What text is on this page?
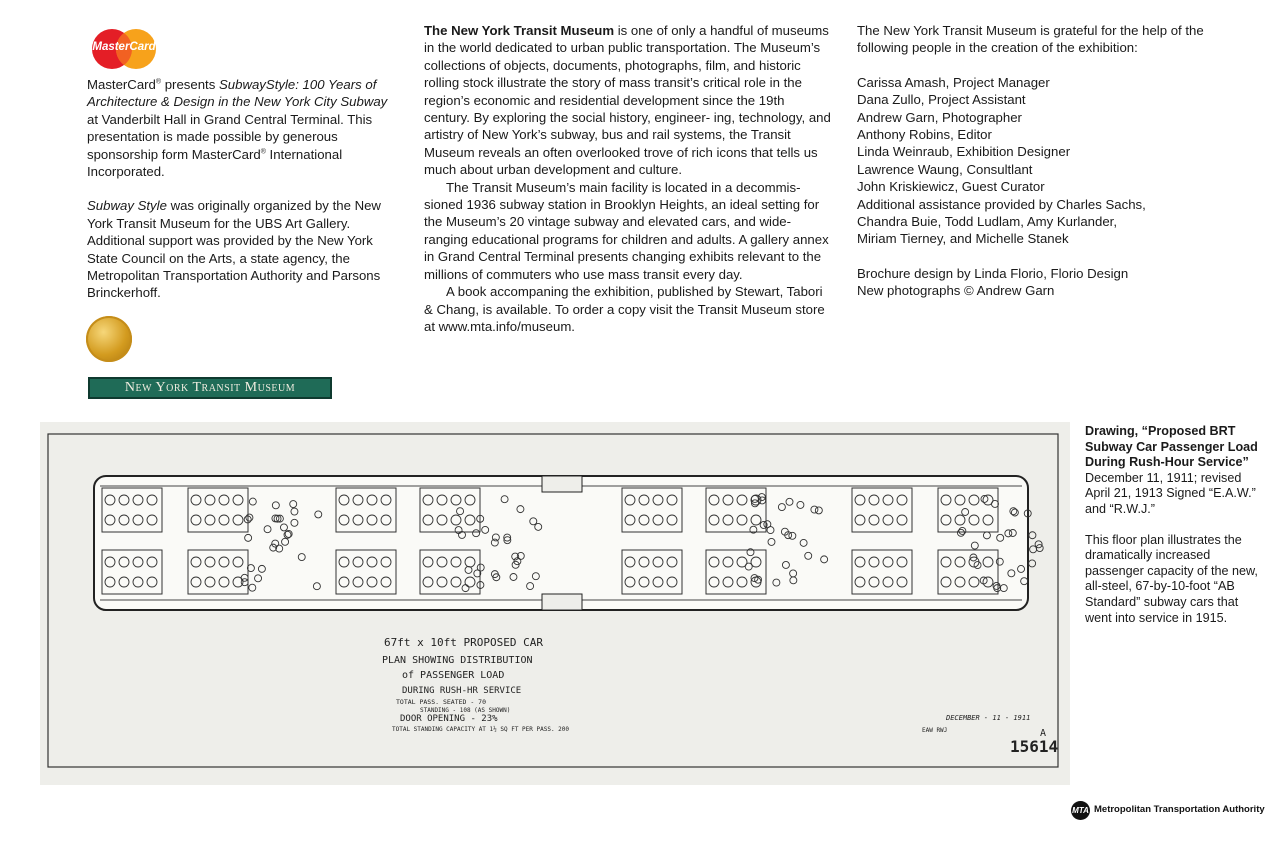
MasterCard

MasterCard® presents SubwayStyle: 100 Years of Architecture & Design in the New York City Subway at Vanderbilt Hall in Grand Central Terminal. This presentation is made possible by generous sponsorship form MasterCard® International Incorporated.

Subway Style was originally organized by the New York Transit Museum for the UBS Art Gallery. Additional support was provided by the New York State Council on the Arts, a state agency, the Metropolitan Transportation Authority and Parsons Brinckerhoff.

New York Transit Museum

The New York Transit Museum is one of only a handful of museums in the world dedicated to urban public transportation. The Museum’s collections of objects, documents, photographs, film, and historic rolling stock illustrate the story of mass transit’s critical role in the region’s economic and residential development since the 19th century. By exploring the social history, engineer- ing, technology, and artistry of New York’s subway, bus and rail systems, the Transit Museum reveals an often overlooked trove of rich icons that tells us much about urban development and culture.

The Transit Museum’s main facility is located in a decommis- sioned 1936 subway station in Brooklyn Heights, an ideal setting for the Museum’s 20 vintage subway and elevated cars, and wide-ranging educational programs for children and adults. A gallery annex in Grand Central Terminal presents changing exhibits relevant to the millions of commuters who use mass transit every day.

A book accompaning the exhibition, published by Stewart, Tabori & Chang, is available. To order a copy visit the Transit Museum store at www.mta.info/museum.

The New York Transit Museum is grateful for the help of the following people in the creation of the exhibition:

Carissa Amash, Project Manager
Dana Zullo, Project Assistant
Andrew Garn, Photographer
Anthony Robins, Editor
Linda Weinraub, Exhibition Designer
Lawrence Waung, Consultlant
John Kriskiewicz, Guest Curator
Additional assistance provided by Charles Sachs,
Chandra Buie, Todd Ludlam, Amy Kurlander,
Miriam Tierney, and Michelle Stanek
Brochure design by Linda Florio, Florio Design
New photographs © Andrew Garn
67ft x 10ft PROPOSED CAR
PLAN SHOWING DISTRIBUTION
of PASSENGER LOAD
DURING RUSH-HR SERVICE
TOTAL PASS. SEATED - 70
STANDING - 108 (AS SHOWN)
DOOR OPENING - 23%
TOTAL STANDING CAPACITY AT 1½ SQ FT PER PASS. 200
DECEMBER - 11 - 1911
EAW RWJ
15614
A

Drawing, “Proposed BRT Subway Car Passenger Load During Rush-Hour Service”

December 11, 1911; revised April 21, 1913 Signed “E.A.W.” and “R.W.J.”

This floor plan illustrates the dramatically increased passenger capacity of the new, all-steel, 67-by-10-foot “AB Standard” subway cars that went into service in 1915.

MTA Metropolitan Transportation Authority
